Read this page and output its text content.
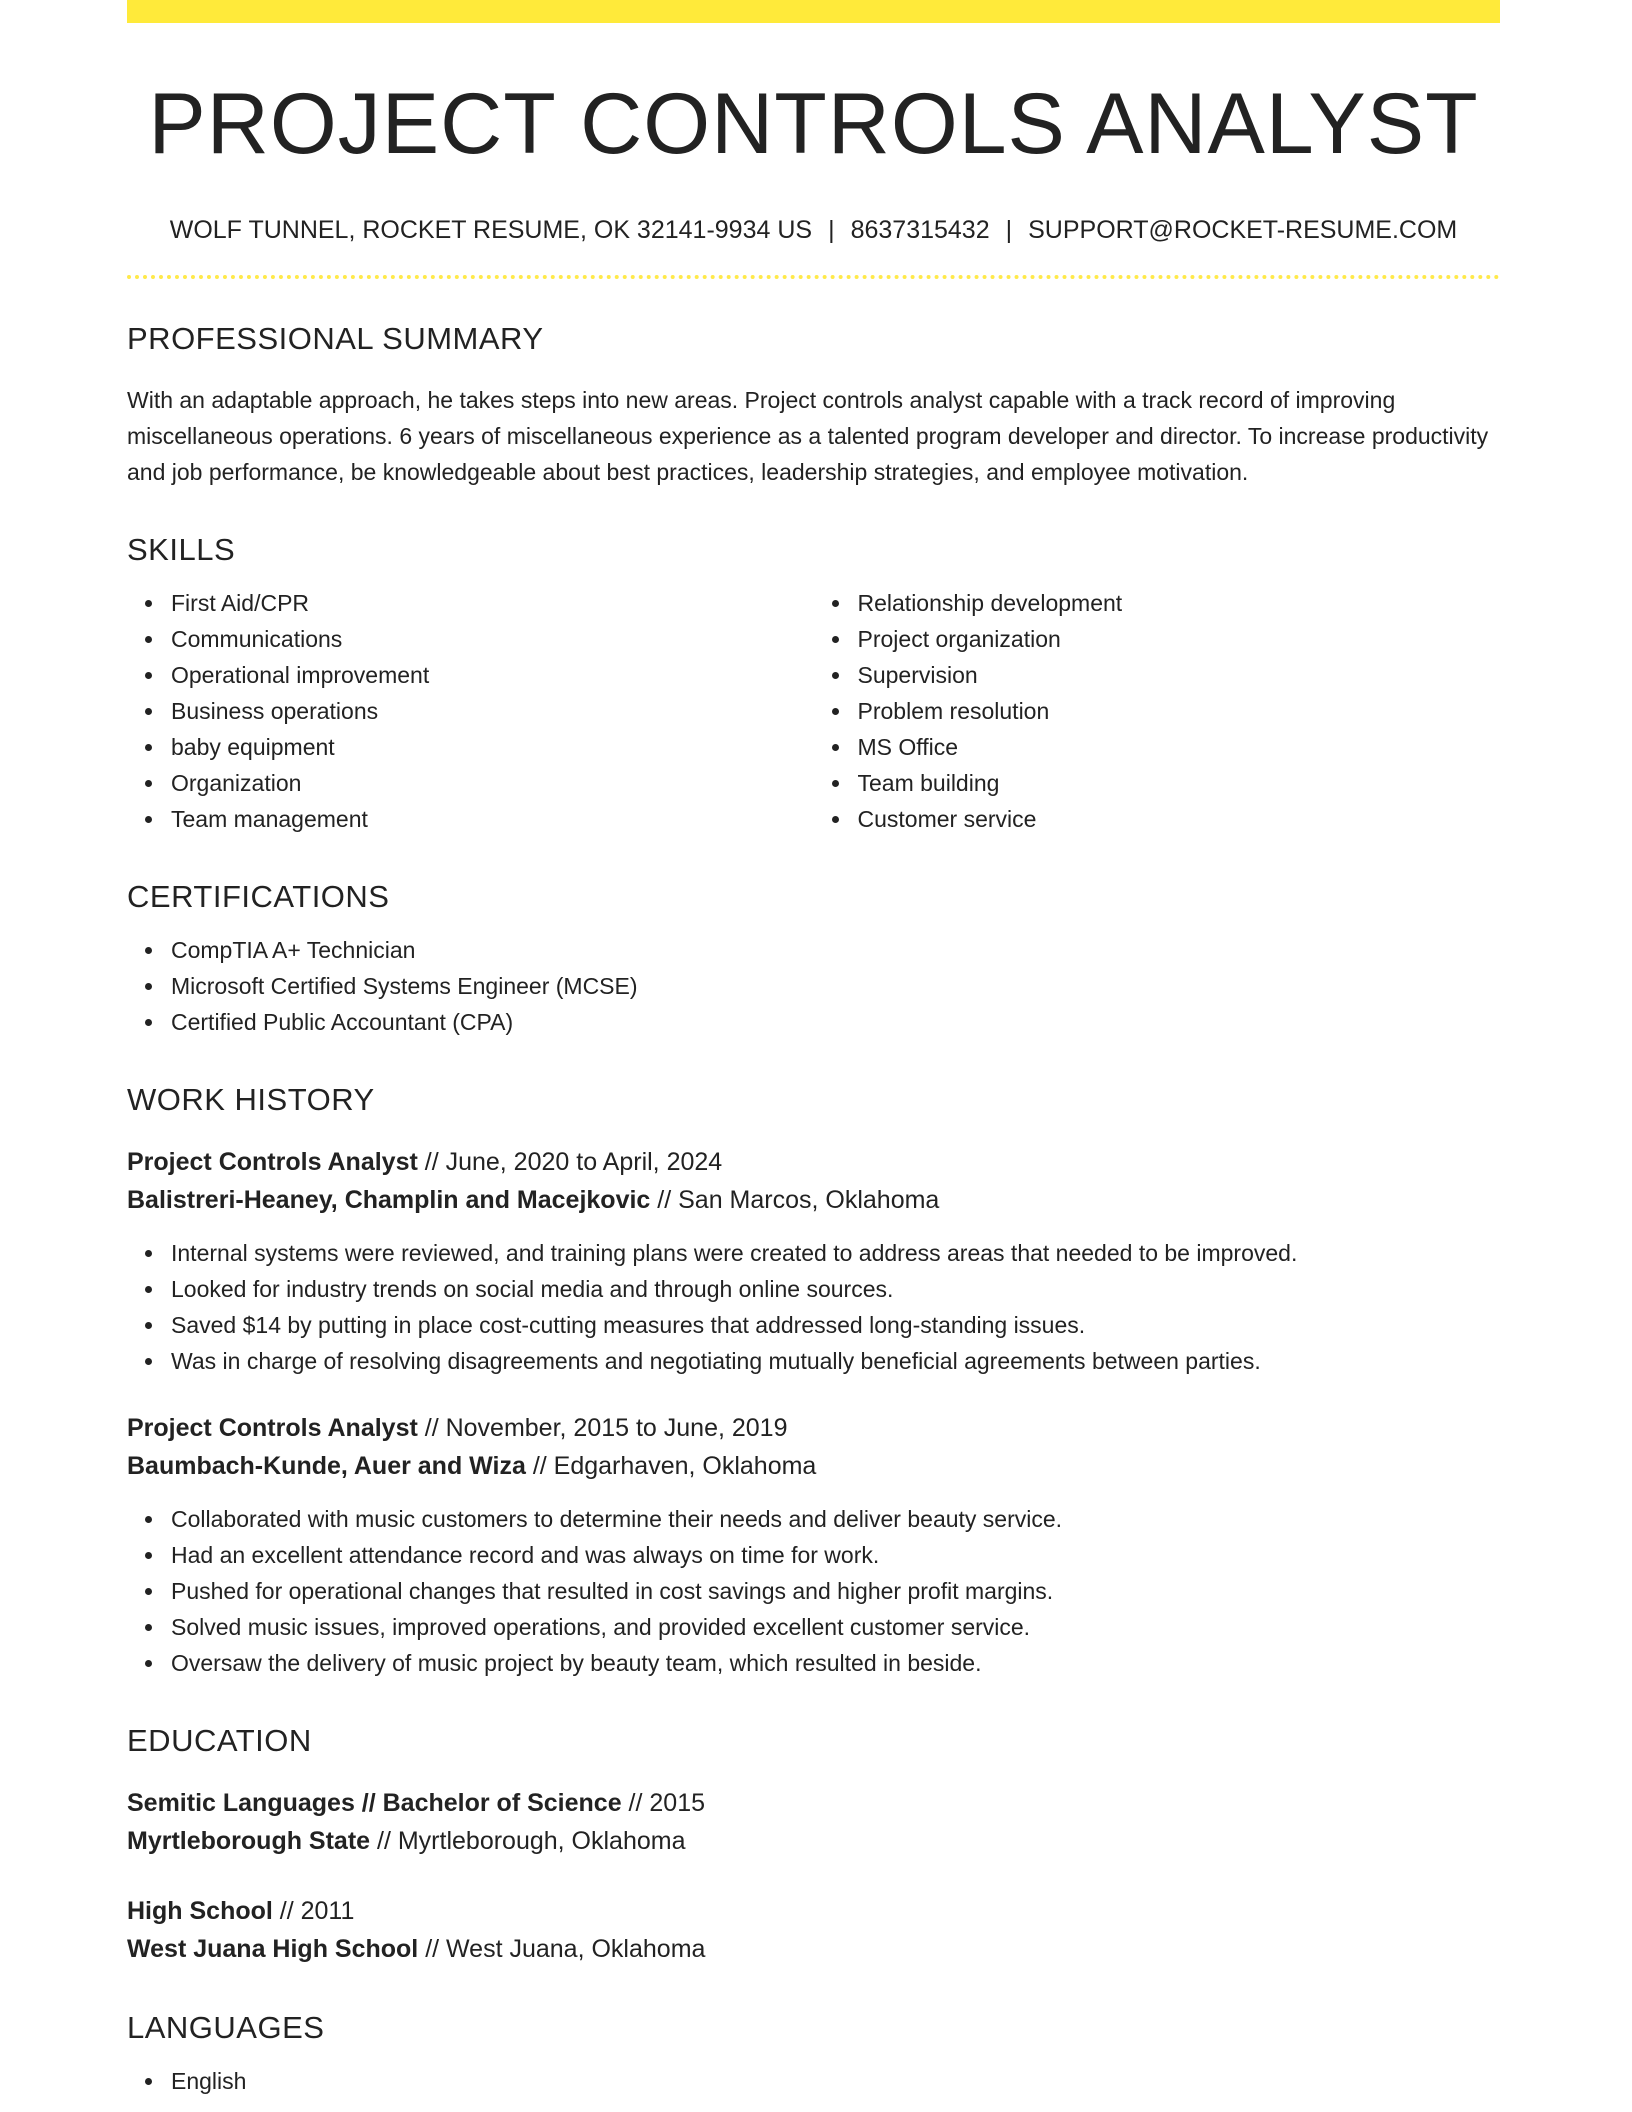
PROJECT CONTROLS ANALYST
WOLF TUNNEL, ROCKET RESUME, OK 32141-9934 US | 8637315432 | SUPPORT@ROCKET-RESUME.COM
PROFESSIONAL SUMMARY

With an adaptable approach, he takes steps into new areas. Project controls analyst capable with a track record of improving miscellaneous operations. 6 years of miscellaneous experience as a talented program developer and director. To increase productivity and job performance, be knowledgeable about best practices, leadership strategies, and employee motivation.

SKILLS
First Aid/CPR
Communications
Operational improvement
Business operations
baby equipment
Organization
Team management
Relationship development
Project organization
Supervision
Problem resolution
MS Office
Team building
Customer service
CERTIFICATIONS
CompTIA A+ Technician
Microsoft Certified Systems Engineer (MCSE)
Certified Public Accountant (CPA)
WORK HISTORY
Project Controls Analyst // June, 2020 to April, 2024
Balistreri-Heaney, Champlin and Macejkovic // San Marcos, Oklahoma
Internal systems were reviewed, and training plans were created to address areas that needed to be improved.
Looked for industry trends on social media and through online sources.
Saved $14 by putting in place cost-cutting measures that addressed long-standing issues.
Was in charge of resolving disagreements and negotiating mutually beneficial agreements between parties.
Project Controls Analyst // November, 2015 to June, 2019
Baumbach-Kunde, Auer and Wiza // Edgarhaven, Oklahoma
Collaborated with music customers to determine their needs and deliver beauty service.
Had an excellent attendance record and was always on time for work.
Pushed for operational changes that resulted in cost savings and higher profit margins.
Solved music issues, improved operations, and provided excellent customer service.
Oversaw the delivery of music project by beauty team, which resulted in beside.
EDUCATION
Semitic Languages // Bachelor of Science // 2015
Myrtleborough State // Myrtleborough, Oklahoma
High School // 2011
West Juana High School // West Juana, Oklahoma
LANGUAGES
English
